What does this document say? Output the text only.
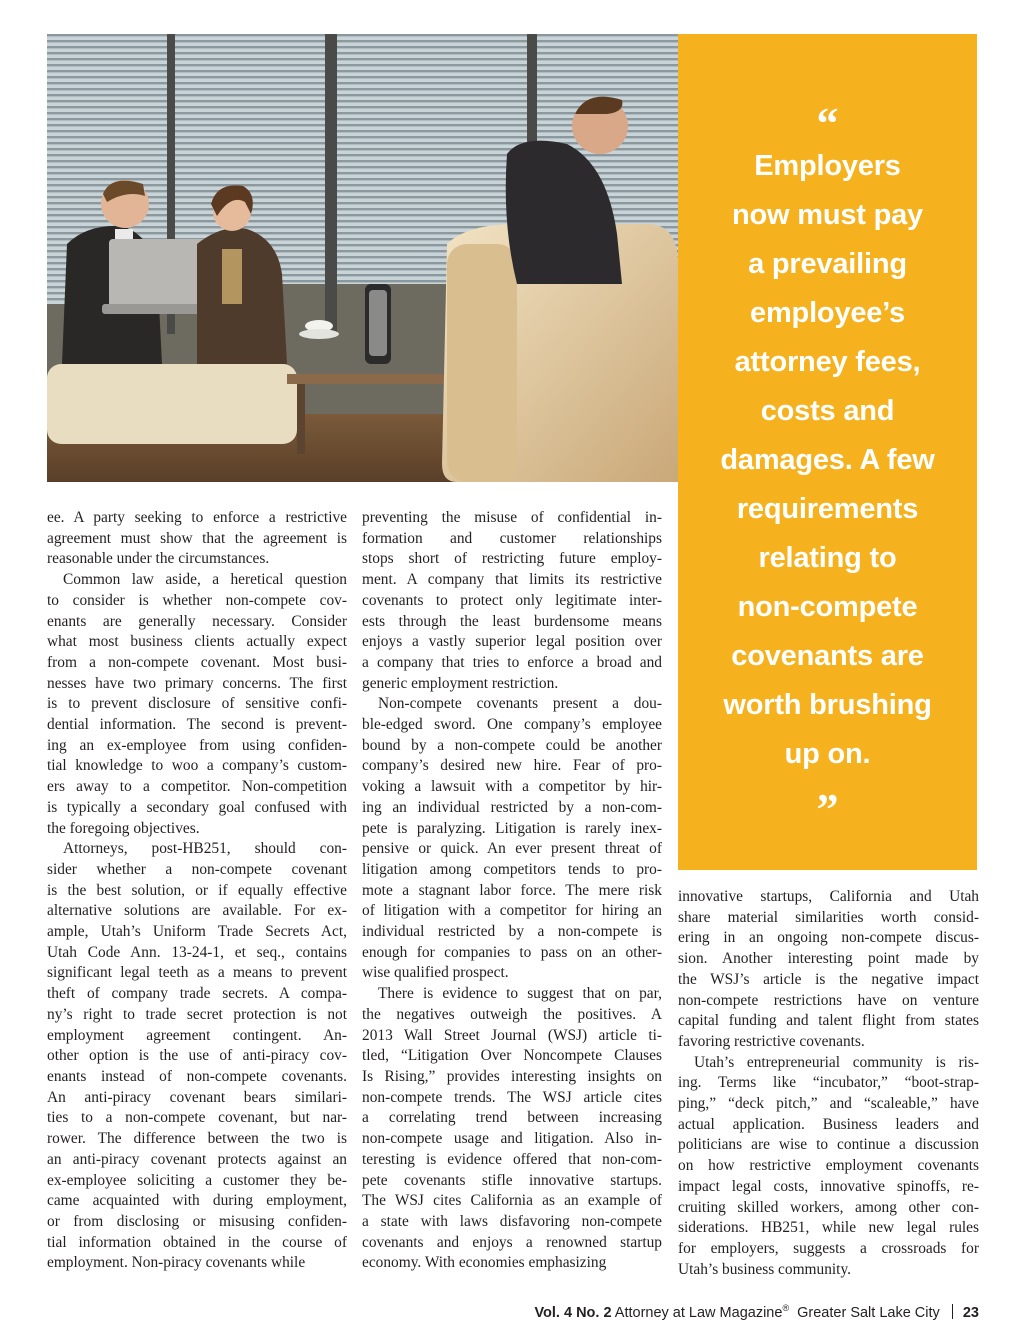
“
Employers
now must pay
a prevailing
employee’s
attorney fees,
costs and
damages. A few
requirements
relating to
non-compete
covenants are
worth brushing
up on.
”
ee. A party seeking to enforce a restrictive
agreement must show that the agreement is
reasonable under the circumstances.
Common law aside, a heretical question
to consider is whether non-compete cov-
enants are generally necessary. Consider
what most business clients actually expect
from a non-compete covenant. Most busi-
nesses have two primary concerns. The first
is to prevent disclosure of sensitive confi-
dential information. The second is prevent-
ing an ex-employee from using confiden-
tial knowledge to woo a company’s custom-
ers away to a competitor. Non-competition
is typically a secondary goal confused with
the foregoing objectives.
Attorneys, post-HB251, should con-
sider whether a non-compete covenant
is the best solution, or if equally effective
alternative solutions are available. For ex-
ample, Utah’s Uniform Trade Secrets Act,
Utah Code Ann. 13-24-1, et seq., contains
significant legal teeth as a means to prevent
theft of company trade secrets. A compa-
ny’s right to trade secret protection is not
employment agreement contingent. An-
other option is the use of anti-piracy cov-
enants instead of non-compete covenants.
An anti-piracy covenant bears similari-
ties to a non-compete covenant, but nar-
rower. The difference between the two is
an anti-piracy covenant protects against an
ex-employee soliciting a customer they be-
came acquainted with during employment,
or from disclosing or misusing confiden-
tial information obtained in the course of
employment. Non-piracy covenants while
preventing the misuse of confidential in-
formation and customer relationships
stops short of restricting future employ-
ment. A company that limits its restrictive
covenants to protect only legitimate inter-
ests through the least burdensome means
enjoys a vastly superior legal position over
a company that tries to enforce a broad and
generic employment restriction.
Non-compete covenants present a dou-
ble-edged sword. One company’s employee
bound by a non-compete could be another
company’s desired new hire. Fear of pro-
voking a lawsuit with a competitor by hir-
ing an individual restricted by a non-com-
pete is paralyzing. Litigation is rarely inex-
pensive or quick. An ever present threat of
litigation among competitors tends to pro-
mote a stagnant labor force. The mere risk
of litigation with a competitor for hiring an
individual restricted by a non-compete is
enough for companies to pass on an other-
wise qualified prospect.
There is evidence to suggest that on par,
the negatives outweigh the positives. A
2013 Wall Street Journal (WSJ) article ti-
tled, “Litigation Over Noncompete Clauses
Is Rising,” provides interesting insights on
non-compete trends. The WSJ article cites
a correlating trend between increasing
non-compete usage and litigation. Also in-
teresting is evidence offered that non-com-
pete covenants stifle innovative startups.
The WSJ cites California as an example of
a state with laws disfavoring non-compete
covenants and enjoys a renowned startup
economy. With economies emphasizing
innovative startups, California and Utah
share material similarities worth consid-
ering in an ongoing non-compete discus-
sion. Another interesting point made by
the WSJ’s article is the negative impact
non-compete restrictions have on venture
capital funding and talent flight from states
favoring restrictive covenants.
Utah’s entrepreneurial community is ris-
ing. Terms like “incubator,” “boot-strap-
ping,” “deck pitch,” and “scaleable,” have
actual application. Business leaders and
politicians are wise to continue a discussion
on how restrictive employment covenants
impact legal costs, innovative spinoffs, re-
cruiting skilled workers, among other con-
siderations. HB251, while new legal rules
for employers, suggests a crossroads for
Utah’s business community.
Vol. 4 No. 2 Attorney at Law Magazine® Greater Salt Lake City 23
